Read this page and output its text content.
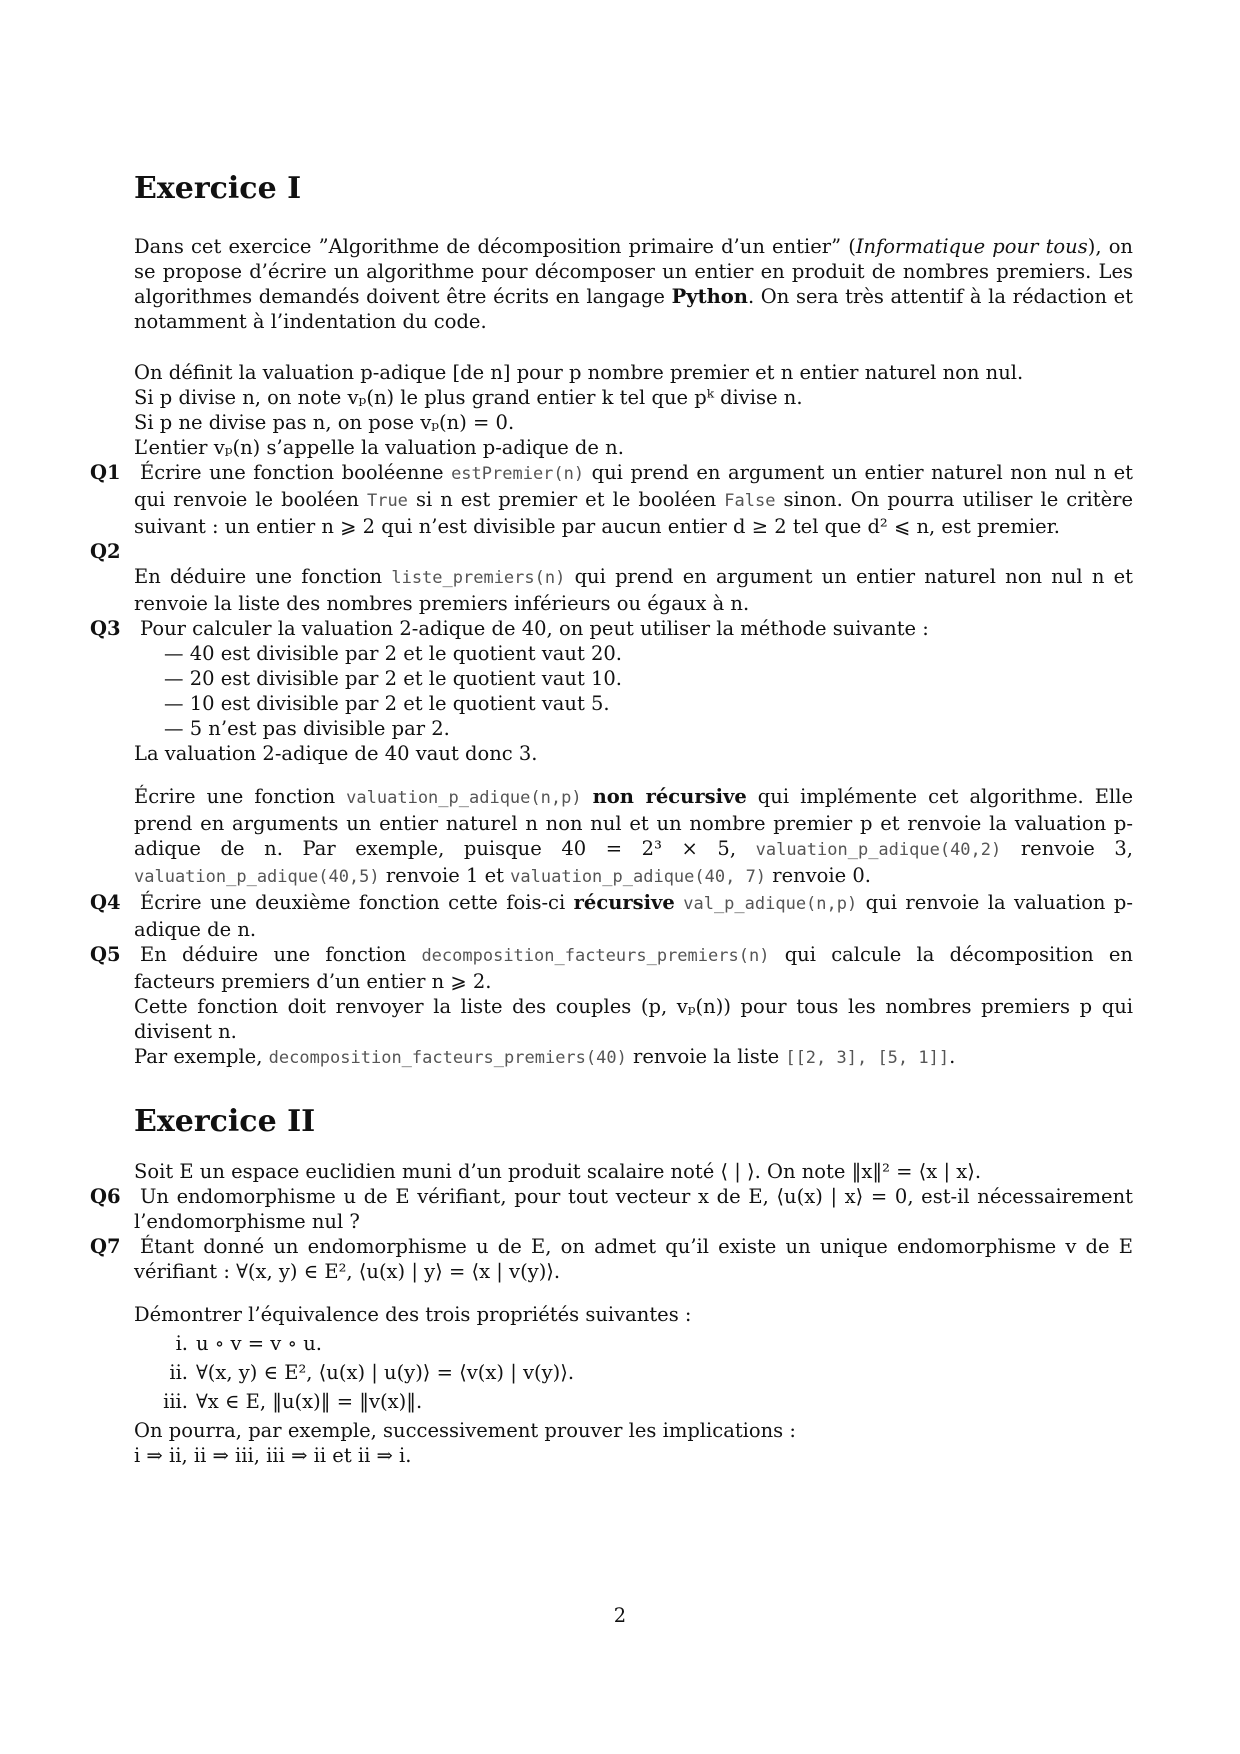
Exercice I

Dans cet exercice ”Algorithme de décomposition primaire d’un entier” (Informatique pour tous), on se propose d’écrire un algorithme pour décomposer un entier en produit de nombres premiers. Les algorithmes demandés doivent être écrits en langage Python. On sera très attentif à la rédaction et notamment à l’indentation du code.

On définit la valuation p-adique [de n] pour p nombre premier et n entier naturel non nul.

Si p divise n, on note vₚ(n) le plus grand entier k tel que pᵏ divise n.

Si p ne divise pas n, on pose vₚ(n) = 0.

L’entier vₚ(n) s’appelle la valuation p-adique de n.

Q1 Écrire une fonction booléenne estPremier(n) qui prend en argument un entier naturel non nul n et qui renvoie le booléen True si n est premier et le booléen False sinon. On pourra utiliser le critère suivant : un entier n ⩾ 2 qui n’est divisible par aucun entier d ≥ 2 tel que d² ⩽ n, est premier.

Q2

En déduire une fonction liste_premiers(n) qui prend en argument un entier naturel non nul n et renvoie la liste des nombres premiers inférieurs ou égaux à n.

Q3 Pour calculer la valuation 2-adique de 40, on peut utiliser la méthode suivante :

— 40 est divisible par 2 et le quotient vaut 20.
— 20 est divisible par 2 et le quotient vaut 10.
— 10 est divisible par 2 et le quotient vaut 5.
— 5 n’est pas divisible par 2.

La valuation 2-adique de 40 vaut donc 3.

Écrire une fonction valuation_p_adique(n,p) non récursive qui implémente cet algorithme. Elle prend en arguments un entier naturel n non nul et un nombre premier p et renvoie la valuation p-adique de n. Par exemple, puisque 40 = 2³ × 5, valuation_p_adique(40,2) renvoie 3, valuation_p_adique(40,5) renvoie 1 et valuation_p_adique(40, 7) renvoie 0.

Q4 Écrire une deuxième fonction cette fois-ci récursive val_p_adique(n,p) qui renvoie la valuation p-adique de n.

Q5 En déduire une fonction decomposition_facteurs_premiers(n) qui calcule la décomposition en facteurs premiers d’un entier n ⩾ 2.

Cette fonction doit renvoyer la liste des couples (p, vₚ(n)) pour tous les nombres premiers p qui divisent n.

Par exemple, decomposition_facteurs_premiers(40) renvoie la liste [[2, 3], [5, 1]].

Exercice II

Soit E un espace euclidien muni d’un produit scalaire noté ⟨ | ⟩. On note ‖x‖² = ⟨x | x⟩.

Q6 Un endomorphisme u de E vérifiant, pour tout vecteur x de E, ⟨u(x) | x⟩ = 0, est-il nécessairement l’endomorphisme nul ?

Q7 Étant donné un endomorphisme u de E, on admet qu’il existe un unique endomorphisme v de E vérifiant : ∀(x, y) ∈ E², ⟨u(x) | y⟩ = ⟨x | v(y)⟩.

Démontrer l’équivalence des trois propriétés suivantes :

i. u ∘ v = v ∘ u.
ii. ∀(x, y) ∈ E², ⟨u(x) | u(y)⟩ = ⟨v(x) | v(y)⟩.
iii. ∀x ∈ E, ‖u(x)‖ = ‖v(x)‖.

On pourra, par exemple, successivement prouver les implications :

i ⇒ ii, ii ⇒ iii, iii ⇒ ii et ii ⇒ i.

2
